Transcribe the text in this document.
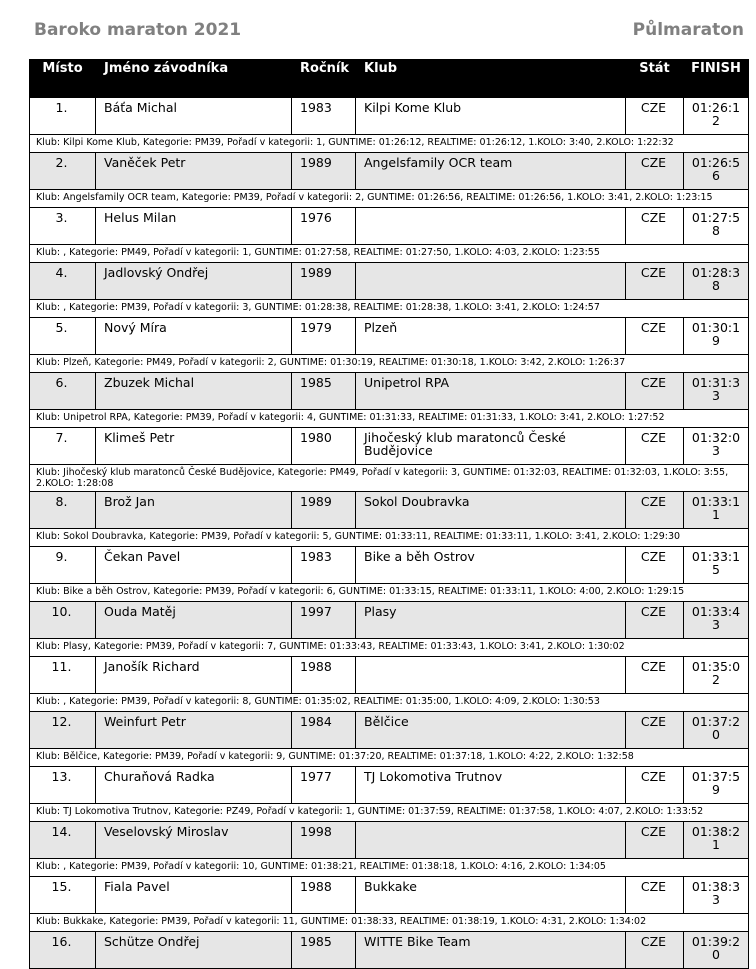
Baroko maraton 2021	Půlmaraton
Místo	Jméno závodníka	Ročník	Klub	Stát	FINISH
1.	Báťa Michal	1983	Kilpi Kome Klub	CZE	01:26:12
Klub: Kilpi Kome Klub, Kategorie: PM39, Pořadí v kategorii: 1, GUNTIME: 01:26:12, REALTIME: 01:26:12, 1.KOLO: 3:40, 2.KOLO: 1:22:32					
2.	Vaněček Petr	1989	Angelsfamily OCR team	CZE	01:26:56
Klub: Angelsfamily OCR team, Kategorie: PM39, Pořadí v kategorii: 2, GUNTIME: 01:26:56, REALTIME: 01:26:56, 1.KOLO: 3:41, 2.KOLO: 1:23:15					
3.	Helus Milan	1976		CZE	01:27:58
Klub: , Kategorie: PM49, Pořadí v kategorii: 1, GUNTIME: 01:27:58, REALTIME: 01:27:50, 1.KOLO: 4:03, 2.KOLO: 1:23:55					
4.	Jadlovský Ondřej	1989		CZE	01:28:38
Klub: , Kategorie: PM39, Pořadí v kategorii: 3, GUNTIME: 01:28:38, REALTIME: 01:28:38, 1.KOLO: 3:41, 2.KOLO: 1:24:57					
5.	Nový Míra	1979	Plzeň	CZE	01:30:19
Klub: Plzeň, Kategorie: PM49, Pořadí v kategorii: 2, GUNTIME: 01:30:19, REALTIME: 01:30:18, 1.KOLO: 3:42, 2.KOLO: 1:26:37					
6.	Zbuzek Michal	1985	Unipetrol RPA	CZE	01:31:33
Klub: Unipetrol RPA, Kategorie: PM39, Pořadí v kategorii: 4, GUNTIME: 01:31:33, REALTIME: 01:31:33, 1.KOLO: 3:41, 2.KOLO: 1:27:52					
7.	Klimeš Petr	1980	Jihočeský klub maratonců České Budějovice	CZE	01:32:03
Klub: Jihočeský klub maratonců České Budějovice, Kategorie: PM49, Pořadí v kategorii: 3, GUNTIME: 01:32:03, REALTIME: 01:32:03, 1.KOLO: 3:55, 2.KOLO: 1:28:08					
8.	Brož Jan	1989	Sokol Doubravka	CZE	01:33:11
Klub: Sokol Doubravka, Kategorie: PM39, Pořadí v kategorii: 5, GUNTIME: 01:33:11, REALTIME: 01:33:11, 1.KOLO: 3:41, 2.KOLO: 1:29:30					
9.	Čekan Pavel	1983	Bike a běh Ostrov	CZE	01:33:15
Klub: Bike a běh Ostrov, Kategorie: PM39, Pořadí v kategorii: 6, GUNTIME: 01:33:15, REALTIME: 01:33:11, 1.KOLO: 4:00, 2.KOLO: 1:29:15					
10.	Ouda Matěj	1997	Plasy	CZE	01:33:43
Klub: Plasy, Kategorie: PM39, Pořadí v kategorii: 7, GUNTIME: 01:33:43, REALTIME: 01:33:43, 1.KOLO: 3:41, 2.KOLO: 1:30:02					
11.	Janošík Richard	1988		CZE	01:35:02
Klub: , Kategorie: PM39, Pořadí v kategorii: 8, GUNTIME: 01:35:02, REALTIME: 01:35:00, 1.KOLO: 4:09, 2.KOLO: 1:30:53					
12.	Weinfurt Petr	1984	Bělčice	CZE	01:37:20
Klub: Bělčice, Kategorie: PM39, Pořadí v kategorii: 9, GUNTIME: 01:37:20, REALTIME: 01:37:18, 1.KOLO: 4:22, 2.KOLO: 1:32:58					
13.	Churaňová Radka	1977	TJ Lokomotiva Trutnov	CZE	01:37:59
Klub: TJ Lokomotiva Trutnov, Kategorie: PZ49, Pořadí v kategorii: 1, GUNTIME: 01:37:59, REALTIME: 01:37:58, 1.KOLO: 4:07, 2.KOLO: 1:33:52					
14.	Veselovský Miroslav	1998		CZE	01:38:21
Klub: , Kategorie: PM39, Pořadí v kategorii: 10, GUNTIME: 01:38:21, REALTIME: 01:38:18, 1.KOLO: 4:16, 2.KOLO: 1:34:05					
15.	Fiala Pavel	1988	Bukkake	CZE	01:38:33
Klub: Bukkake, Kategorie: PM39, Pořadí v kategorii: 11, GUNTIME: 01:38:33, REALTIME: 01:38:19, 1.KOLO: 4:31, 2.KOLO: 1:34:02					
16.	Schütze Ondřej	1985	WITTE Bike Team	CZE	01:39:20
